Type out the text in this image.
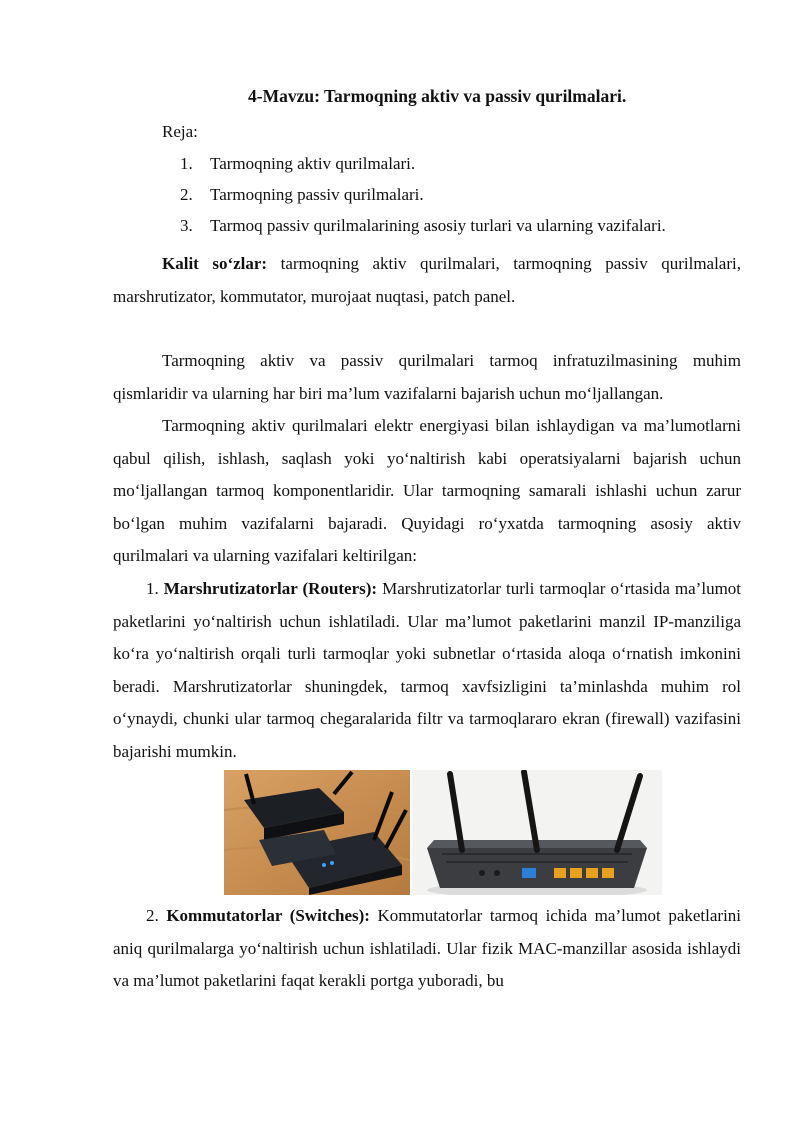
4-Mavzu: Tarmoqning aktiv va passiv qurilmalari.
Reja:
1. Tarmoqning aktiv qurilmalari.
2. Tarmoqning passiv qurilmalari.
3. Tarmoq passiv qurilmalarining asosiy turlari va ularning vazifalari.

Kalit so‘zlar: tarmoqning aktiv qurilmalari, tarmoqning passiv qurilmalari, marshrutizator, kommutator, murojaat nuqtasi, patch panel.

Tarmoqning aktiv va passiv qurilmalari tarmoq infratuzilmasining muhim qismlaridir va ularning har biri ma’lum vazifalarni bajarish uchun mo‘ljallangan.

Tarmoqning aktiv qurilmalari elektr energiyasi bilan ishlaydigan va ma’lumotlarni qabul qilish, ishlash, saqlash yoki yo‘naltirish kabi operatsiyalarni bajarish uchun mo‘ljallangan tarmoq komponentlaridir. Ular tarmoqning samarali ishlashi uchun zarur bo‘lgan muhim vazifalarni bajaradi. Quyidagi ro‘yxatda tarmoqning asosiy aktiv qurilmalari va ularning vazifalari keltirilgan:

1. Marshrutizatorlar (Routers): Marshrutizatorlar turli tarmoqlar o‘rtasida ma’lumot paketlarini yo‘naltirish uchun ishlatiladi. Ular ma’lumot paketlarini manzil IP-manziliga ko‘ra yo‘naltirish orqali turli tarmoqlar yoki subnetlar o‘rtasida aloqa o‘rnatish imkonini beradi. Marshrutizatorlar shuningdek, tarmoq xavfsizligini ta’minlashda muhim rol o‘ynaydi, chunki ular tarmoq chegaralarida filtr va tarmoqlararo ekran (firewall) vazifasini bajarishi mumkin.

2. Kommutatorlar (Switches): Kommutatorlar tarmoq ichida ma’lumot paketlarini aniq qurilmalarga yo‘naltirish uchun ishlatiladi. Ular fizik MAC-manzillar asosida ishlaydi va ma’lumot paketlarini faqat kerakli portga yuboradi, bu
